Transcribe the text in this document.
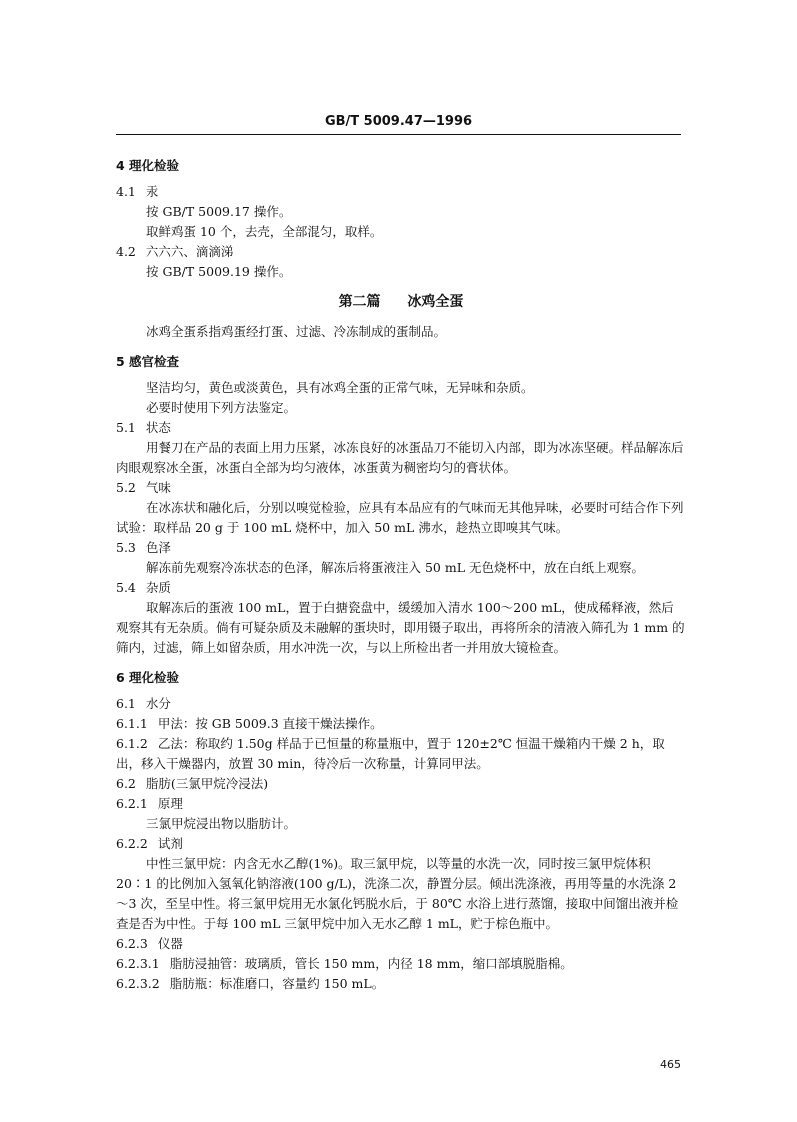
GB/T 5009.47—1996
4 理化检验
4.1 汞
按 GB/T 5009.17 操作。
取鲜鸡蛋 10 个，去壳，全部混匀，取样。
4.2 六六六、滴滴涕
按 GB/T 5009.19 操作。
第二篇 冰鸡全蛋
冰鸡全蛋系指鸡蛋经打蛋、过滤、冷冻制成的蛋制品。
5 感官检查
坚洁均匀，黄色或淡黄色，具有冰鸡全蛋的正常气味，无异味和杂质。
必要时使用下列方法鉴定。
5.1 状态
用餐刀在产品的表面上用力压紧，冰冻良好的冰蛋品刀不能切入内部，即为冰冻坚硬。样品解冻后肉眼观察冰全蛋，冰蛋白全部为均匀液体，冰蛋黄为稠密均匀的膏状体。
5.2 气味
在冰冻状和融化后，分别以嗅觉检验，应具有本品应有的气味而无其他异味，必要时可结合作下列试验：取样品 20 g 于 100 mL 烧杯中，加入 50 mL 沸水，趁热立即嗅其气味。
5.3 色泽
解冻前先观察冷冻状态的色泽，解冻后将蛋液注入 50 mL 无色烧杯中，放在白纸上观察。
5.4 杂质
取解冻后的蛋液 100 mL，置于白搪瓷盘中，缓缓加入清水 100～200 mL，使成稀释液，然后观察其有无杂质。倘有可疑杂质及未融解的蛋块时，即用镊子取出，再将所余的清液入筛孔为 1 mm 的筛内，过滤，筛上如留杂质，用水冲洗一次，与以上所检出者一并用放大镜检查。
6 理化检验
6.1 水分
6.1.1 甲法：按 GB 5009.3 直接干燥法操作。
6.1.2 乙法：称取约 1.50g 样品于已恒量的称量瓶中，置于 120±2℃ 恒温干燥箱内干燥 2 h，取出，移入干燥器内，放置 30 min，待冷后一次称量，计算同甲法。
6.2 脂肪(三氯甲烷冷浸法)
6.2.1 原理
三氯甲烷浸出物以脂肪计。
6.2.2 试剂
中性三氯甲烷：内含无水乙醇(1%)。取三氯甲烷，以等量的水洗一次，同时按三氯甲烷体积 20∶1 的比例加入氢氧化钠溶液(100 g/L)，洗涤二次，静置分层。倾出洗涤液，再用等量的水洗涤 2～3 次，至呈中性。将三氯甲烷用无水氯化钙脱水后，于 80℃ 水浴上进行蒸馏，接取中间馏出液并检查是否为中性。于每 100 mL 三氯甲烷中加入无水乙醇 1 mL，贮于棕色瓶中。
6.2.3 仪器
6.2.3.1 脂肪浸抽管：玻璃质，管长 150 mm，内径 18 mm，缩口部填脱脂棉。
6.2.3.2 脂肪瓶：标准磨口，容量约 150 mL。
465
